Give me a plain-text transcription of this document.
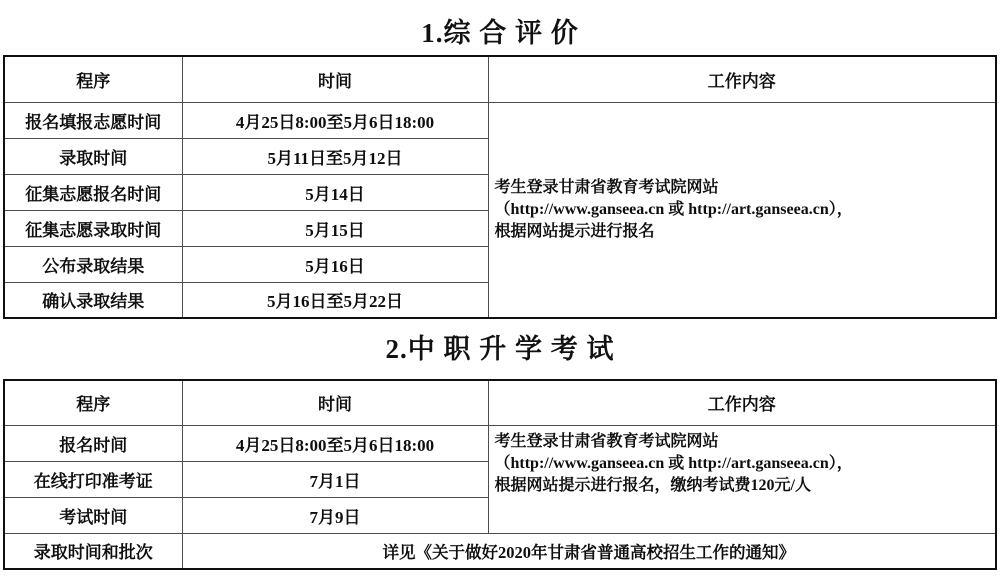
1.综 合 评 价
程序	时间	工作内容
报名填报志愿时间	4月25日8:00至5月6日18:00	考生登录甘肃省教育考试院网站
（http://www.ganseea.cn 或 http://art.ganseea.cn），
根据网站提示进行报名

录取时间	5月11日至5月12日	
征集志愿报名时间	5月14日	
征集志愿录取时间	5月15日	
公布录取结果	5月16日	
确认录取结果	5月16日至5月22日	
2.中 职 升 学 考 试
程序	时间	工作内容
报名时间	4月25日8:00至5月6日18:00	考生登录甘肃省教育考试院网站
（http://www.ganseea.cn 或 http://art.ganseea.cn），
根据网站提示进行报名，缴纳考试费120元/人

在线打印准考证	7月1日	
考试时间	7月9日	
录取时间和批次	详见《关于做好2020年甘肃省普通高校招生工作的通知》	
